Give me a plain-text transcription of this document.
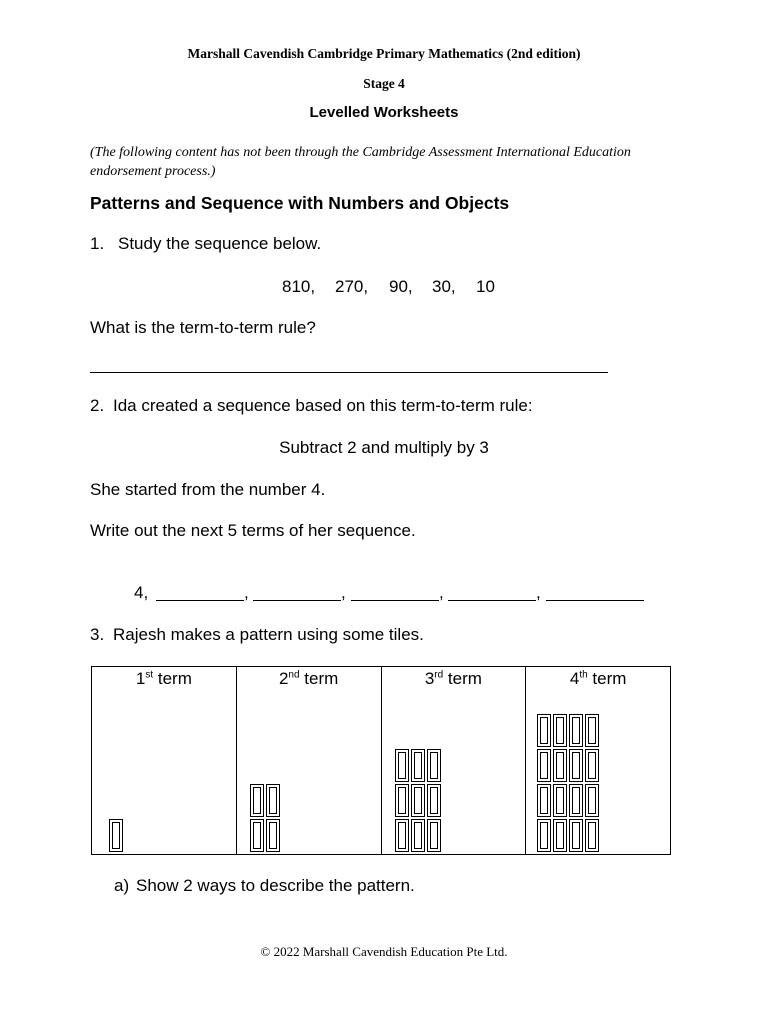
Marshall Cavendish Cambridge Primary Mathematics (2nd edition)
Stage 4
Levelled Worksheets
(The following content has not been through the Cambridge Assessment International Education endorsement process.)
Patterns and Sequence with Numbers and Objects
1. Study the sequence below.
810, 270, 90, 30, 10
What is the term-to-term rule?
2. Ida created a sequence based on this term-to-term rule:
Subtract 2 and multiply by 3
She started from the number 4.
Write out the next 5 terms of her sequence.
4,	,	,	,	,
3. Rajesh makes a pattern using some tiles.
1st term	2nd term	3rd term	4th term
a) Show 2 ways to describe the pattern.
© 2022 Marshall Cavendish Education Pte Ltd.
